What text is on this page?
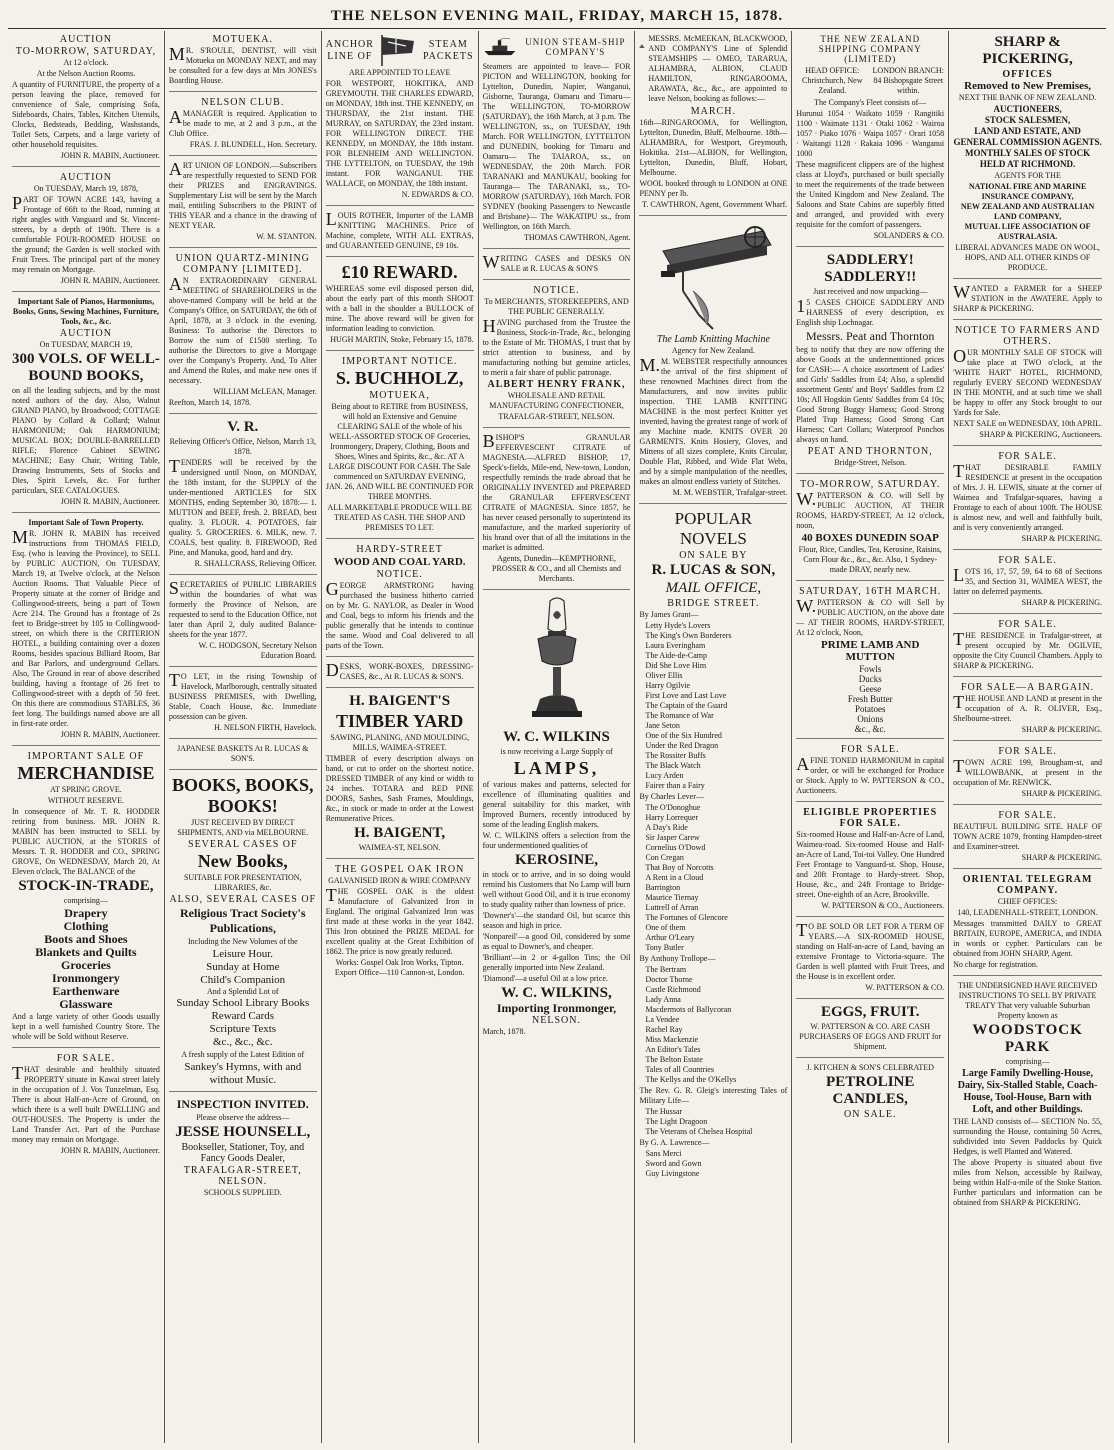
THE NELSON EVENING MAIL, FRIDAY, MARCH 15, 1878.
AUCTION
TO-MORROW, SATURDAY,
At 12 o'clock.
At the Nelson Auction Rooms.
A quantity of FURNITURE, the property of a person leaving the place, removed for convenience of Sale, comprising Sofa, Sideboards, Chairs, Tables, Kitchen Utensils, Clocks, Bedsteads, Bedding, Washstands, Toilet Sets, Carpets, and a large variety of other household requisites.
JOHN R. MABIN, Auctioneer.
AUCTION
On TUESDAY, March 19, 1878,
PART OF TOWN ACRE 143, having a Frontage of 66ft to the Road, running at right angles with Vanguard and St. Vincent-streets, by a depth of 190ft. There is a comfortable FOUR-ROOMED HOUSE on the ground; the Garden is well stocked with Fruit Trees. The principal part of the money may remain on Mortgage.
JOHN R. MABIN, Auctioneer.
Important Sale of Pianos, Harmoniums, Books, Guns, Sewing Machines, Furniture, Tools, &c., &c.
AUCTION
On TUESDAY, MARCH 19,
300 VOLS. OF WELL-BOUND BOOKS,
on all the leading subjects, and by the most noted authors of the day. Also, Walnut GRAND PIANO, by Broadwood; COTTAGE PIANO by Collard & Collard; Walnut HARMONIUM; Oak HARMONIUM; MUSICAL BOX; DOUBLE-BARRELLED RIFLE; Florence Cabinet SEWING MACHINE; Easy Chair, Writing Table, Drawing Instruments, Sets of Stocks and Dies, Spirit Levels, &c. For further particulars, SEE CATALOGUES.
JOHN R. MABIN, Auctioneer.
Important Sale of Town Property.
MR. JOHN R. MABIN has received instructions from THOMAS FIELD, Esq. (who is leaving the Province), to SELL by PUBLIC AUCTION, On TUESDAY, March 19, at Twelve o'clock, at the Nelson Auction Rooms. That Valuable Piece of Property situate at the corner of Bridge and Collingwood-streets, being a part of Town Acre 214. The Ground has a frontage of 2s feet to Bridge-street by 105 to Collingwood-street, on which there is the CRITERION HOTEL, a building containing over a dozen Rooms, besides spacious Billiard Room, Bar and Bar Parlors, and underground Cellars. Also, The Ground in rear of above described building, having a frontage of 26 feet to Collingwood-street with a depth of 50 feet. On this there are commodious STABLES, 36 feet long. The buildings named above are all in first-rate order.
JOHN R. MABIN, Auctioneer.
IMPORTANT SALE OF
MERCHANDISE
AT SPRING GROVE.
WITHOUT RESERVE.
In consequence of Mr. T. R. HODDER retiring from business. MR. JOHN R. MABIN has been instructed to SELL by PUBLIC AUCTION, at the STORES of Messrs. T. R. HODDER and CO., SPRING GROVE, On WEDNESDAY, March 20, At Eleven o'clock, The BALANCE of the
STOCK-IN-TRADE,
comprising—
Drapery
Clothing
Boots and Shoes
Blankets and Quilts
Groceries
Ironmongery
Earthenware
Glassware
And a large variety of other Goods usually kept in a well furnished Country Store. The whole will be Sold without Reserve.
FOR SALE.
THAT desirable and healthily situated PROPERTY situate in Kawai street lately in the occupation of J. Vos Tunzelman, Esq. There is about Half-an-Acre of Ground, on which there is a well built DWELLING and OUT-HOUSES. The Property is under the Land Transfer Act. Part of the Purchase money may remain on Mortgage.
JOHN R. MABIN, Auctioneer.
MOTUEKA.
MR. S'ROULE, DENTIST, will visit Motueka on MONDAY NEXT, and may be consulted for a few days at Mrs JONES's Boarding House.
NELSON CLUB.
AMANAGER is required. Application to be made to me, at 2 and 3 p.m., at the Club Office.
FRAS. J. BLUNDELL, Hon. Secretary.
ART UNION OF LONDON.—Subscribers are respectfully requested to SEND FOR their PRIZES and ENGRAVINGS. Supplementary List will be sent by the March mail, entitling Subscribers to the PRINT of THIS YEAR and a chance in the drawing of NEXT YEAR.
W. M. STANTON.
UNION QUARTZ-MINING COMPANY [LIMITED].
AN EXTRAORDINARY GENERAL MEETING of SHAREHOLDERS in the above-named Company will be held at the Company's Office, on SATURDAY, the 6th of April, 1878, at 3 o'clock in the evening. Business: To authorise the Directors to Borrow the sum of £1500 sterling. To authorise the Directors to give a Mortgage over the Company's Property. And, To Alter and Amend the Rules, and make new ones if necessary.
WILLIAM McLEAN, Manager.
Reefton, March 14, 1878.
V. R.
Relieving Officer's Office, Nelson, March 13, 1878.
TENDERS will be received by the undersigned until Noon, on MONDAY, the 18th instant, for the SUPPLY of the under-mentioned ARTICLES for SIX MONTHS, ending September 30, 1878:— 1. MUTTON and BEEF, fresh. 2. BREAD, best quality. 3. FLOUR. 4. POTATOES, fair quality. 5. GROCERIES. 6. MILK, new. 7. COALS, best quality. 8. FIREWOOD, Red Pine, and Manuka, good, hard and dry.
R. SHALLCRASS, Relieving Officer.
SECRETARIES of PUBLIC LIBRARIES within the boundaries of what was formerly the Province of Nelson, are requested to send to the Education Office, not later than April 2, duly audited Balance-sheets for the year 1877.
W. C. HODGSON, Secretary Nelson Education Board.
TO LET, in the rising Township of Havelock, Marlborough, centrally situated BUSINESS PREMISES, with Dwelling, Stable, Coach House, &c. Immediate possession can be given.
H. NELSON FIRTH, Havelock.
JAPANESE BASKETS At R. LUCAS & SON'S.
BOOKS, BOOKS, BOOKS!
JUST RECEIVED BY DIRECT SHIPMENTS, AND via MELBOURNE.
SEVERAL CASES OF
New Books,
SUITABLE FOR PRESENTATION, LIBRARIES, &c.
ALSO, SEVERAL CASES OF
Religious Tract Society's Publications,
Including the New Volumes of the
Leisure Hour.
Sunday at Home
Child's Companion
And a Splendid Lot of
Sunday School Library Books
Reward Cards
Scripture Texts
&c., &c., &c.
A fresh supply of the Latest Edition of
Sankey's Hymns, with and without Music.
INSPECTION INVITED.
Please observe the address—
JESSE HOUNSELL,
Bookseller, Stationer, Toy, and Fancy Goods Dealer,
TRAFALGAR-STREET, NELSON.
SCHOOLS SUPPLIED.
ANCHOR
LINE OF
STEAM
PACKETS
ARE APPOINTED TO LEAVE
FOR WESTPORT, HOKITIKA, AND GREYMOUTH. THE CHARLES EDWARD, on MONDAY, 18th inst. THE KENNEDY, on THURSDAY, the 21st instant. THE MURRAY, on SATURDAY, the 23rd instant. FOR WELLINGTON DIRECT. THE KENNEDY, on MONDAY, the 18th instant. FOR BLENHEIM AND WELLINGTON. THE LYTTELTON, on TUESDAY, the 19th instant. FOR WANGANUI. THE WALLACE, on MONDAY, the 18th instant.
N. EDWARDS & CO.
LOUIS ROTHER, Importer of the LAMB KNITTING MACHINES. Price of Machine, complete, WITH ALL EXTRAS, and GUARANTEED GENUINE, £9 10s.
£10 REWARD.
WHEREAS some evil disposed person did, about the early part of this month SHOOT with a ball in the shoulder a BULLOCK of mine. The above reward will be given for information leading to conviction.
HUGH MARTIN, Stoke, February 15, 1878.
IMPORTANT NOTICE.
S. BUCHHOLZ,
MOTUEKA,
Being about to RETIRE from BUSINESS, will hold an Extensive and Genuine CLEARING SALE of the whole of his WELL-ASSORTED STOCK OF Groceries, Ironmongery, Drapery, Clothing, Boots and Shoes, Wines and Spirits, &c., &c. AT A LARGE DISCOUNT FOR CASH. The Sale commenced on SATURDAY EVENING, JAN. 26, AND WILL BE CONTINUED FOR THREE MONTHS.
ALL MARKETABLE PRODUCE WILL BE TREATED AS CASH. THE SHOP AND PREMISES TO LET.
HARDY-STREET
WOOD AND COAL YARD.
NOTICE.
GEORGE ARMSTRONG having purchased the business hitherto carried on by Mr. G. NAYLOR, as Dealer in Wood and Coal, begs to inform his friends and the public generally that he intends to continue the same. Wood and Coal delivered to all parts of the Town.
DESKS, WORK-BOXES, DRESSING-CASES, &c., At R. LUCAS & SON'S.
H. BAIGENT'S
TIMBER YARD
SAWING, PLANING, AND MOULDING, MILLS, WAIMEA-STREET.
TIMBER of every description always on hand, or cut to order on the shortest notice. DRESSED TIMBER of any kind or width to 24 inches. TOTARA and RED PINE DOORS, Sashes, Sash Frames, Mouldings, &c., in stock or made to order at the Lowest Remunerative Prices.
H. BAIGENT,
WAIMEA-ST, NELSON.
THE GOSPEL OAK IRON
GALVANISED IRON & WIRE COMPANY
THE GOSPEL OAK is the oldest Manufacture of Galvanized Iron in England. The original Galvanized Iron was first made at these works in the year 1842. This Iron obtained the PRIZE MEDAL for excellent quality at the Great Exhibition of 1862. The price is now greatly reduced.
Works: Gospel Oak Iron Works, Tipton. Export Office—110 Cannon-st, London.
UNION STEAM-SHIP COMPANY'S
Steamers are appointed to leave— FOR PICTON and WELLINGTON, booking for Lyttelton, Dunedin, Napier, Wanganui, Gisborne, Tauranga, Oamaru and Timaru— The WELLINGTON, TO-MORROW (SATURDAY), the 16th March, at 3 p.m. The WELLINGTON, ss., on TUESDAY, 19th March. FOR WELLINGTON, LYTTELTON and DUNEDIN, booking for Timaru and Oamaru— The TAIAROA, ss., on WEDNESDAY, the 20th March. FOR TARANAKI and MANUKAU, booking for Tauranga— The TARANAKI, ss., TO-MORROW (SATURDAY), 16th March. FOR SYDNEY (booking Passengers to Newcastle and Brisbane)— The WAKATIPU ss., from Wellington, on 16th March.
THOMAS CAWTHRON, Agent.
WRITING CASES and DESKS ON SALE at R. LUCAS & SON'S
NOTICE.
To MERCHANTS, STOREKEEPERS, AND THE PUBLIC GENERALLY.
HAVING purchased from the Trustee the Business, Stock-in-Trade, &c., belonging to the Estate of Mr. THOMAS, I trust that by strict attention to business, and by manufacturing nothing but genuine articles, to merit a fair share of public patronage.
ALBERT HENRY FRANK,
WHOLESALE AND RETAIL MANUFACTURING CONFECTIONER,
TRAFALGAR-STREET, NELSON.
BISHOP'S GRANULAR EFFERVESCENT CITRATE of MAGNESIA.—ALFRED BISHOP, 17, Speck's-fields, Mile-end, New-town, London, respectfully reminds the trade abroad that he ORIGINALLY INVENTED and PREPARED the GRANULAR EFFERVESCENT CITRATE of MAGNESIA. Since 1857, he has never ceased personally to superintend its manufacture, and the marked superiority of his brand over that of all the imitations in the market is admitted.
Agents, Dunedin—KEMPTHORNE, PROSSER & CO., and all Chemists and Merchants.
W. C. WILKINS
is now receiving a Large Supply of
LAMPS,
of various makes and patterns, selected for excellence of illuminating qualities and general suitability for this market, with Improved Burners, recently introduced by some of the leading English makers.
W. C. WILKINS offers a selection from the four undermentioned qualities of
KEROSINE,
in stock or to arrive, and in so doing would remind his Customers that No Lamp will burn well without Good Oil, and it is true economy to study quality rather than lowness of price.
'Downer's'—the standard Oil, but scarce this season and high in price.
'Nonpareil'—a good Oil, considered by some as equal to Downer's, and cheaper.
'Brilliant'—in 2 or 4-gallon Tins; the Oil generally imported into New Zealand.
'Diamond'—a useful Oil at a low price.
W. C. WILKINS,
Importing Ironmonger,
NELSON.
March, 1878.
MESSRS. McMEEKAN, BLACKWOOD, AND COMPANY'S Line of Splendid STEAMSHIPS — OMEO, TARARUA, ALHAMBRA, ALBION, CLAUD HAMILTON, RINGAROOMA, ARAWATA, &c., &c., are appointed to leave Nelson, booking as follows:—
MARCH.
16th—RINGAROOMA, for Wellington, Lyttelton, Dunedin, Bluff, Melbourne. 18th—ALHAMBRA, for Westport, Greymouth, Hokitika. 21st—ALBION, for Wellington, Lyttelton, Dunedin, Bluff, Hobart, Melbourne.
WOOL booked through to LONDON at ONE PENNY per lb.
T. CAWTHRON, Agent, Government Wharf.
The Lamb Knitting Machine
Agency for New Zealand.
M.M. WEBSTER respectfully announces the arrival of the first shipment of these renowned Machines direct from the Manufacturers, and now invites public inspection. THE LAMB KNITTING MACHINE is the most perfect Knitter yet invented, having the greatest range of work of any Machine made. KNITS OVER 20 GARMENTS. Knits Hosiery, Gloves, and Mittens of all sizes complete, Knits Circular, Double Flat, Ribbed, and Wide Flat Webs, and by a simple manipulation of the needles, makes an almost endless variety of Stitches.
M. M. WEBSTER, Trafalgar-street.
POPULAR NOVELS
ON SALE BY
R. LUCAS & SON,
MAIL OFFICE,
BRIDGE STREET.
By James Grant—
Letty Hyde's Lovers
The King's Own Borderers
Laura Everingham
The Aide-de-Camp
Did She Love Him
Oliver Ellis
Harry Ogilvie
First Love and Last Love
The Captain of the Guard
The Romance of War
Jane Seton
One of the Six Hundred
Under the Red Dragon
The Rossiter Buffs
The Black Watch
Lucy Arden
Fairer than a Fairy
By Charles Lever—
The O'Donoghue
Harry Lorrequer
A Day's Ride
Sir Jasper Carew
Cornelius O'Dowd
Con Cregan
That Boy of Norcotts
A Rent in a Cloud
Barrington
Maurice Tiernay
Luttrell of Arran
The Fortunes of Glencore
One of them
Arthur O'Leary
Tony Butler
By Anthony Trollope—
The Bertram
Doctor Thorne
Castle Richmond
Lady Anna
Macdermots of Ballycoran
La Vendee
Rachel Ray
Miss Mackenzie
An Editor's Tales
The Belton Estate
Tales of all Countries
The Kellys and the O'Kellys
The Rev. G. R. Gleig's interesting Tales of Military Life—
The Hussar
The Light Dragoon
The Veterans of Chelsea Hospital
By G. A. Lawrence—
Sans Merci
Sword and Gown
Guy Livingstone
THE NEW ZEALAND SHIPPING COMPANY (LIMITED)
HEAD OFFICE: Christchurch, New Zealand.
LONDON BRANCH: 84 Bishopsgate Street within.
The Company's Fleet consists of—
Hurunui 1054 · Waikato 1059 · Rangitiki 1100 · Waimate 1131 · Otaki 1062 · Wairoa 1057 · Piako 1076 · Waipa 1057 · Orari 1058 · Waitangi 1128 · Rakaia 1096 · Wanganui 1000
These magnificent clippers are of the highest class at Lloyd's, purchased or built specially to meet the requirements of the trade between the United Kingdom and New Zealand. The Saloons and State Cabins are superbly fitted and arranged, and provided with every requisite for the comfort of passengers.
SOLANDERS & CO.
SADDLERY! SADDLERY!!
Just received and now unpacking—
15 CASES CHOICE SADDLERY AND HARNESS of every description, ex English ship Lochnagar.
Messrs. Peat and Thornton
beg to notify that they are now offering the above Goods at the undermentioned prices for CASH:— A choice assortment of Ladies' and Girls' Saddles from £4; Also, a splendid assortment Gents' and Boys' Saddles from £2 10s; All Hogskin Gents' Saddles from £4 10s; Good Strong Buggy Harness; Good Strong Plated Trap Harness; Good Strong Cart Harness; Cart Collars; Waterproof Ponchos always on hand.
PEAT AND THORNTON,
Bridge-Street, Nelson.
TO-MORROW, SATURDAY.
W.PATTERSON & CO. will Sell by PUBLIC AUCTION, AT THEIR ROOMS, HARDY-STREET, At 12 o'clock, noon,
40 BOXES DUNEDIN SOAP
Flour, Rice, Candles, Tea, Kerosine, Raisins, Corn Flour &c., &c., &c. Also, 1 Sydney-made DRAY, nearly new.
SATURDAY, 16TH MARCH.
W.PATTERSON & CO will Sell by PUBLIC AUCTION, on the above date— AT THEIR ROOMS, HARDY-STREET, At 12 o'clock, Noon,
PRIME LAMB AND MUTTON
Fowls
Ducks
Geese
Fresh Butter
Potatoes
Onions
&c., &c.
FOR SALE.
AFINE TONED HARMONIUM in capital order, or will be exchanged for Produce or Stock. Apply to W. PATTERSON & CO., Auctioneers.
ELIGIBLE PROPERTIES FOR SALE.
Six-roomed House and Half-an-Acre of Land, Waimea-road. Six-roomed House and Half-an-Acre of Land, Toi-toi Valley. One Hundred Feet Frontage to Vanguard-st. Shop, House, and 20ft Frontage to Hardy-street. Shop, House, &c., and 24ft Frontage to Bridge-street. One-eighth of an Acre, Brookville.
W. PATTERSON & CO., Auctioneers.
TO BE SOLD OR LET FOR A TERM OF YEARS.—A SIX-ROOMED HOUSE, standing on Half-an-acre of Land, having an extensive Frontage to Victoria-square. The Garden is well planted with Fruit Trees, and the House is in excellent order.
W. PATTERSON & CO.
EGGS, FRUIT.
W. PATTERSON & CO. ARE CASH PURCHASERS OF EGGS AND FRUIT for Shipment.
J. KITCHEN & SON'S CELEBRATED
PETROLINE CANDLES,
ON SALE.
SHARP & PICKERING,
OFFICES
Removed to New Premises,
NEXT THE BANK OF NEW ZEALAND.
AUCTIONEERS,
STOCK SALESMEN,
LAND AND ESTATE, AND
GENERAL COMMISSION AGENTS.
MONTHLY SALES OF STOCK HELD AT RICHMOND.
AGENTS FOR THE
NATIONAL FIRE AND MARINE INSURANCE COMPANY,
NEW ZEALAND AND AUSTRALIAN LAND COMPANY,
MUTUAL LIFE ASSOCIATION OF AUSTRALASIA.
LIBERAL ADVANCES MADE ON WOOL, HOPS, AND ALL OTHER KINDS OF PRODUCE.
WANTED a FARMER for a SHEEP STATION in the AWATERE. Apply to SHARP & PICKERING.
NOTICE TO FARMERS AND OTHERS.
OUR MONTHLY SALE OF STOCK will take place at TWO o'clock, at the 'WHITE HART' HOTEL, RICHMOND, regularly EVERY SECOND WEDNESDAY IN THE MONTH, and at such time we shall be happy to offer any Stock brought to our Yards for Sale.
NEXT SALE on WEDNESDAY, 10th APRIL.
SHARP & PICKERING, Auctioneers.
FOR SALE.
THAT DESIRABLE FAMILY RESIDENCE at present in the occupation of Mrs. J. H. LEWIS, situate at the corner of Waimea and Trafalgar-squares, having a Frontage to each of about 100ft. The HOUSE is almost new, and well and faithfully built, and is very conveniently arranged.
SHARP & PICKERING.
FOR SALE.
LOTS 16, 17, 57, 59, 64 to 68 of Sections 35, and Section 31, WAIMEA WEST, the latter on deferred payments.
SHARP & PICKERING.
FOR SALE.
THE RESIDENCE in Trafalgar-street, at present occupied by Mr. OGILVIE, opposite the City Council Chambers. Apply to SHARP & PICKERING.
FOR SALE—A BARGAIN.
THE HOUSE AND LAND at present in the occupation of A. R. OLIVER, Esq., Shelbourne-street.
SHARP & PICKERING.
FOR SALE.
TOWN ACRE 199, Brougham-st, and WILLOWBANK, at present in the occupation of Mr. RENWICK.
SHARP & PICKERING.
FOR SALE.
BEAUTIFUL BUILDING SITE. HALF OF TOWN ACRE 1079, fronting Hampden-street and Examiner-street.
SHARP & PICKERING.
ORIENTAL TELEGRAM COMPANY.
CHIEF OFFICES:
140, LEADENHALL-STREET, LONDON.
Messages transmitted DAILY to GREAT BRITAIN, EUROPE, AMERICA, and INDIA in words or cypher. Particulars can be obtained from JOHN SHARP, Agent.
No charge for registration.
THE UNDERSIGNED HAVE RECEIVED INSTRUCTIONS TO SELL BY PRIVATE TREATY That very valuable Suburban Property known as
WOODSTOCK PARK
comprising—
Large Family Dwelling-House, Dairy, Six-Stalled Stable, Coach-House, Tool-House, Barn with Loft, and other Buildings.
THE LAND consists of— SECTION No. 55, surrounding the House, containing 50 Acres, subdivided into Seven Paddocks by Quick Hedges, is well Planted and Watered.
The above Property is situated about five miles from Nelson, accessible by Railway, being within Half-a-mile of the Stoke Station. Further particulars and information can be obtained from SHARP & PICKERING.
